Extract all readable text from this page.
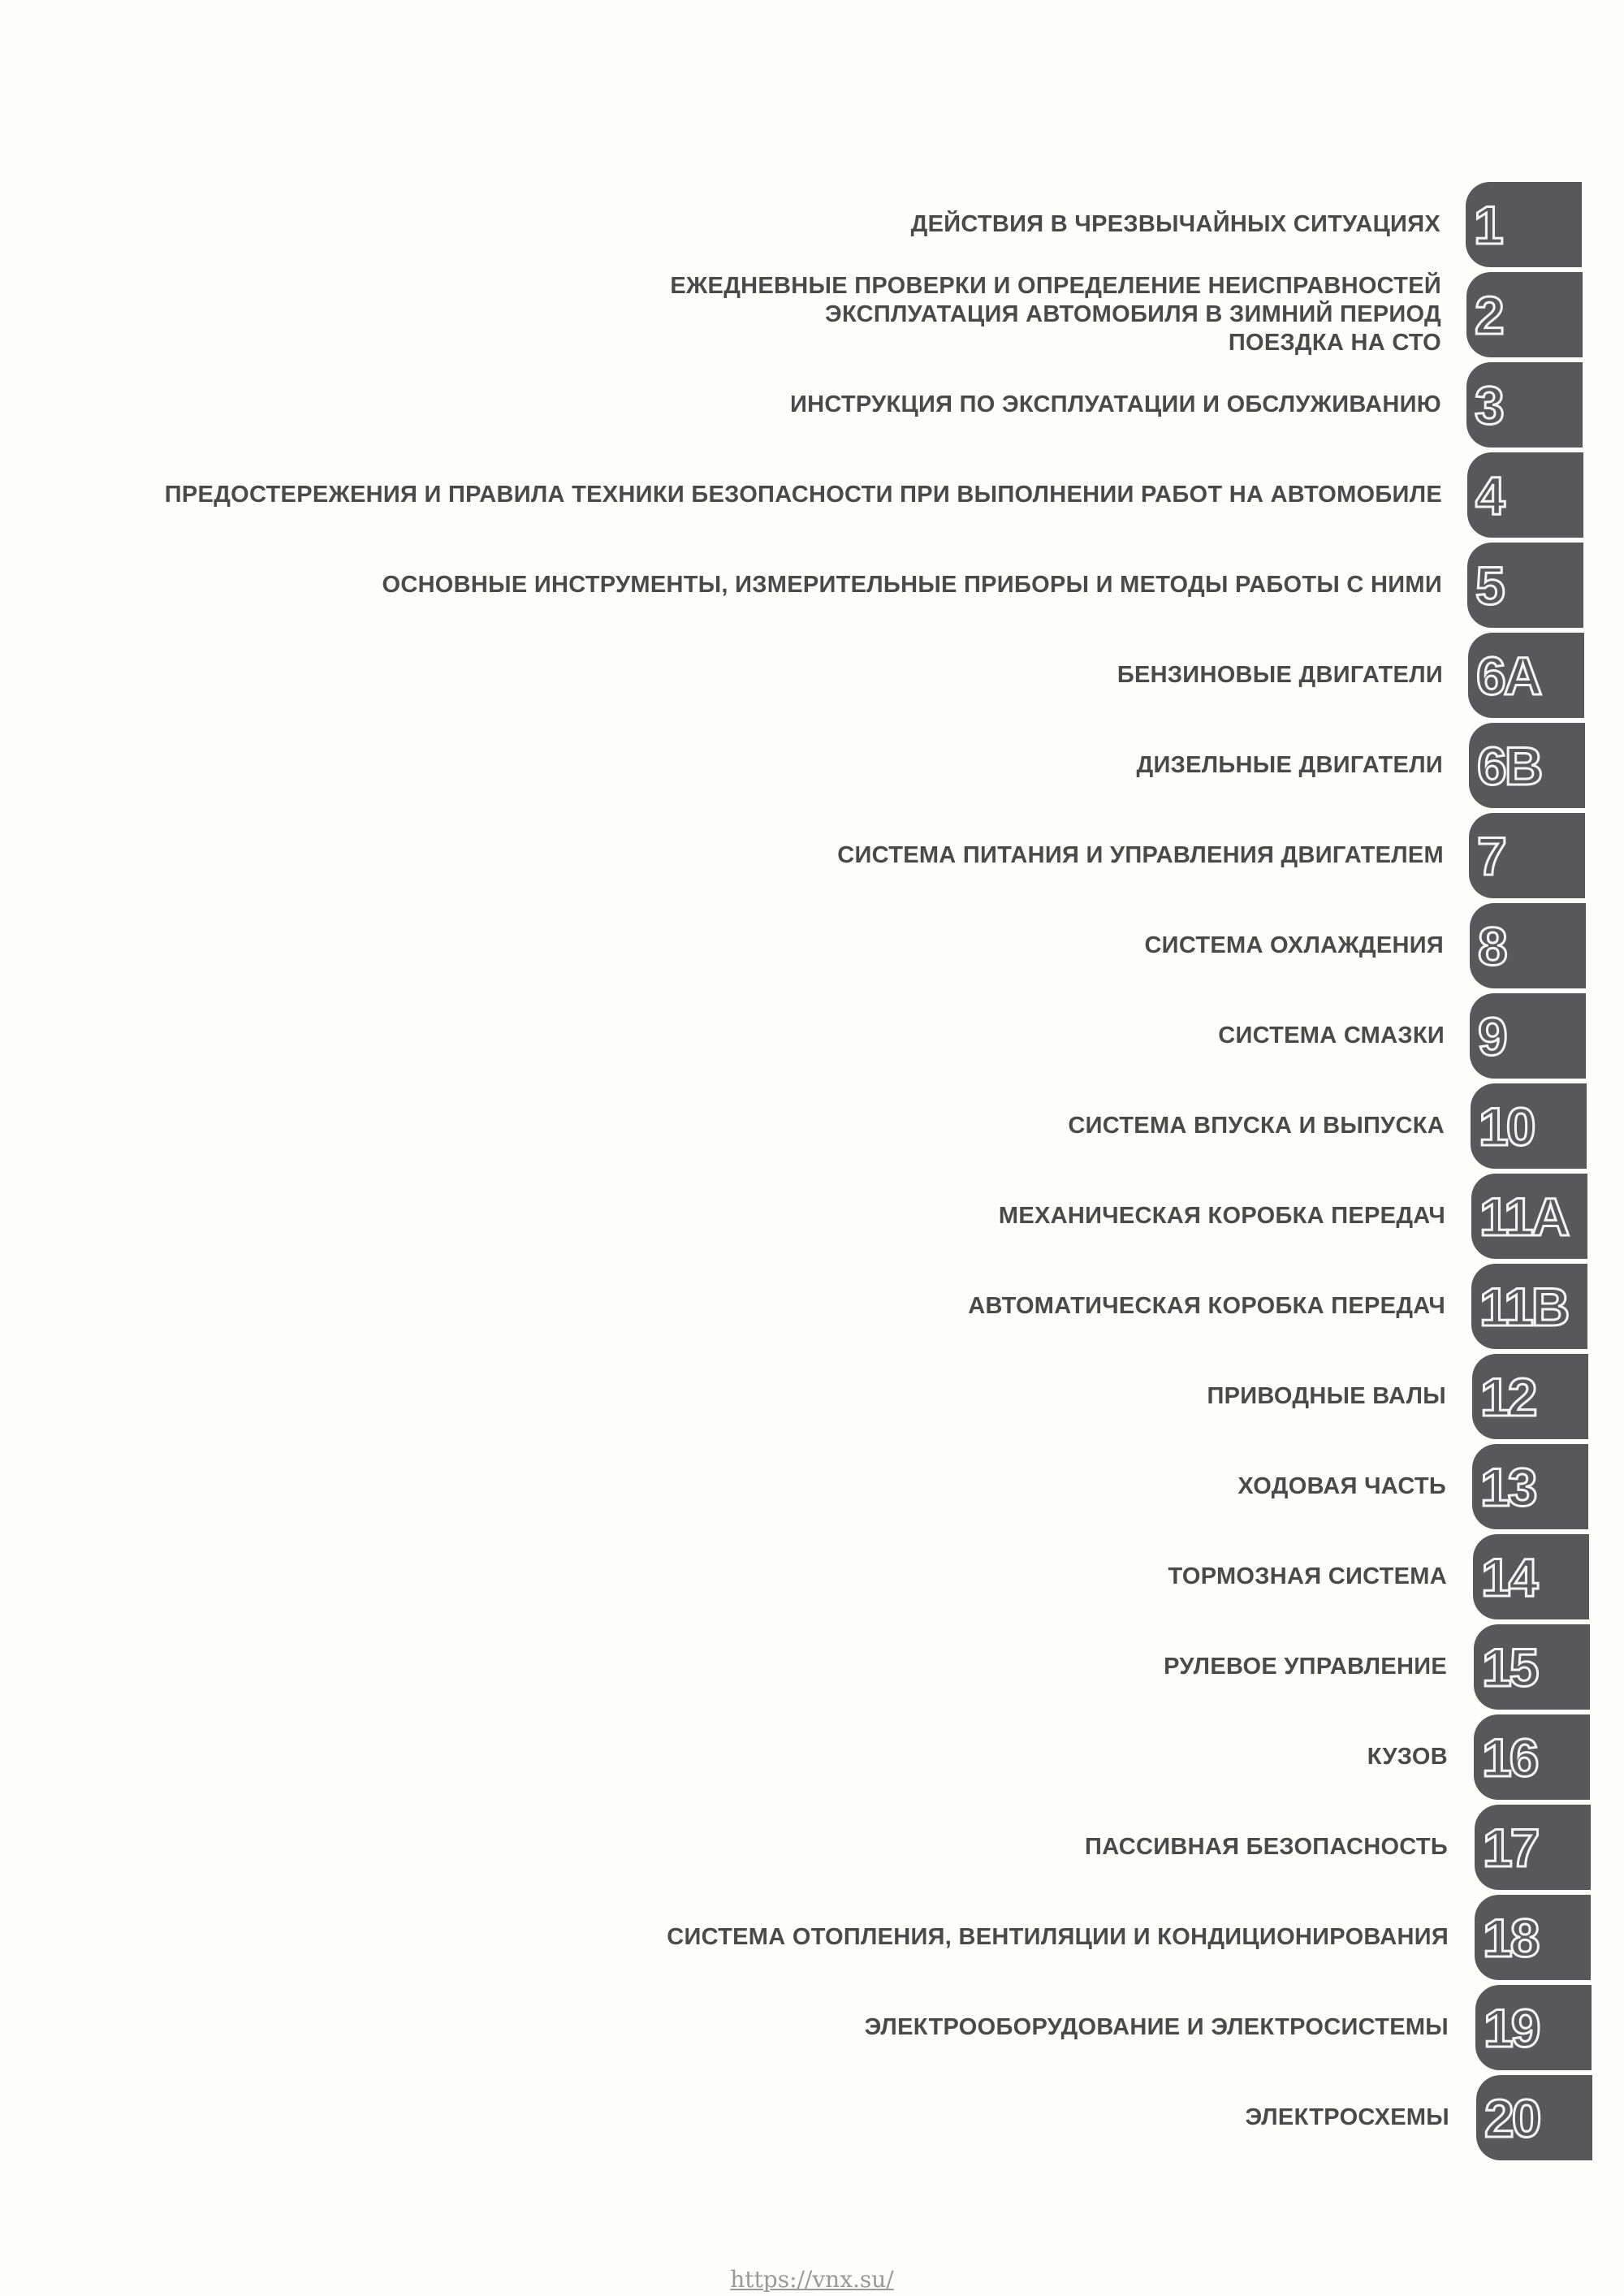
ДЕЙСТВИЯ В ЧРЕЗВЫЧАЙНЫХ СИТУАЦИЯХ 1
ЕЖЕДНЕВНЫЕ ПРОВЕРКИ И ОПРЕДЕЛЕНИЕ НЕИСПРАВНОСТЕЙ
ЭКСПЛУАТАЦИЯ АВТОМОБИЛЯ В ЗИМНИЙ ПЕРИОД
ПОЕЗДКА НА СТО 2
ИНСТРУКЦИЯ ПО ЭКСПЛУАТАЦИИ И ОБСЛУЖИВАНИЮ 3
ПРЕДОСТЕРЕЖЕНИЯ И ПРАВИЛА ТЕХНИКИ БЕЗОПАСНОСТИ ПРИ ВЫПОЛНЕНИИ РАБОТ НА АВТОМОБИЛЕ 4
ОСНОВНЫЕ ИНСТРУМЕНТЫ, ИЗМЕРИТЕЛЬНЫЕ ПРИБОРЫ И МЕТОДЫ РАБОТЫ С НИМИ 5
БЕНЗИНОВЫЕ ДВИГАТЕЛИ 6A
ДИЗЕЛЬНЫЕ ДВИГАТЕЛИ 6B
СИСТЕМА ПИТАНИЯ И УПРАВЛЕНИЯ ДВИГАТЕЛЕМ 7
СИСТЕМА ОХЛАЖДЕНИЯ 8
СИСТЕМА СМАЗКИ 9
СИСТЕМА ВПУСКА И ВЫПУСКА 10
МЕХАНИЧЕСКАЯ КОРОБКА ПЕРЕДАЧ 11A
АВТОМАТИЧЕСКАЯ КОРОБКА ПЕРЕДАЧ 11B
ПРИВОДНЫЕ ВАЛЫ 12
ХОДОВАЯ ЧАСТЬ 13
ТОРМОЗНАЯ СИСТЕМА 14
РУЛЕВОЕ УПРАВЛЕНИЕ 15
КУЗОВ 16
ПАССИВНАЯ БЕЗОПАСНОСТЬ 17
СИСТЕМА ОТОПЛЕНИЯ, ВЕНТИЛЯЦИИ И КОНДИЦИОНИРОВАНИЯ 18
ЭЛЕКТРООБОРУДОВАНИЕ И ЭЛЕКТРОСИСТЕМЫ 19
ЭЛЕКТРОСХЕМЫ 20
https://vnx.su/
